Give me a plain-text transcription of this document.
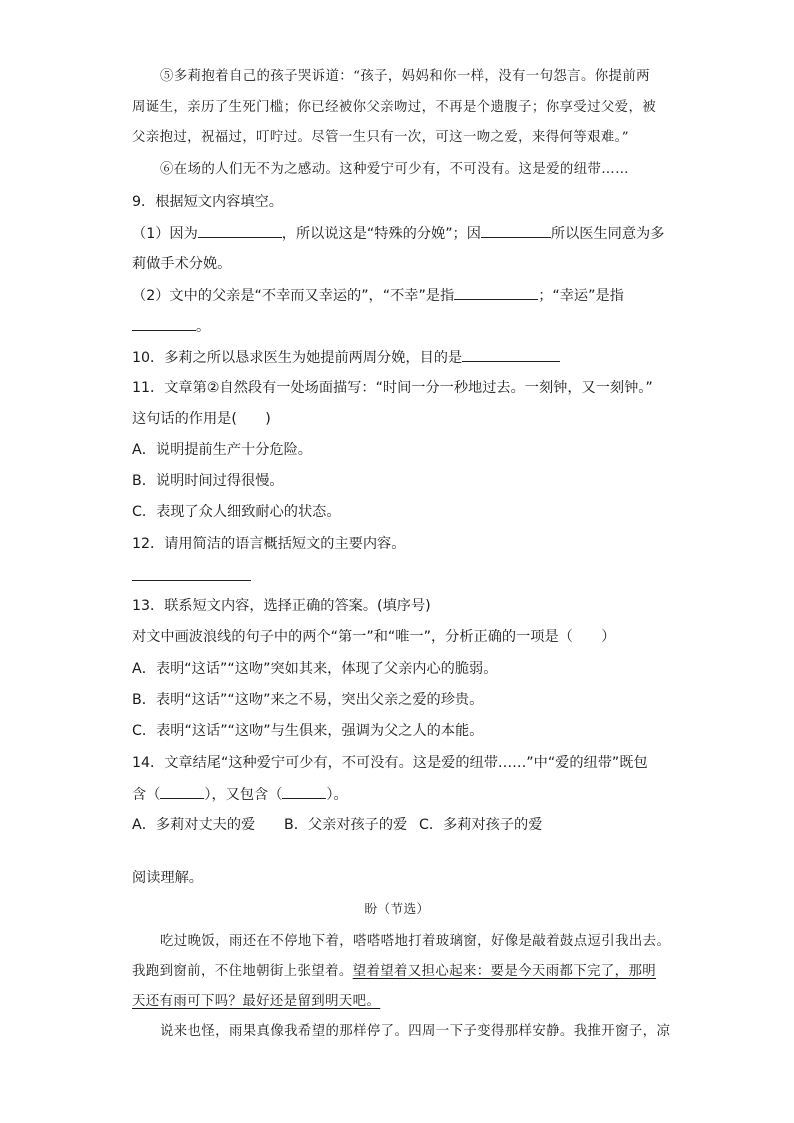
⑤多莉抱着自己的孩子哭诉道：“孩子，妈妈和你一样，没有一句怨言。你提前两
周诞生，亲历了生死门槛；你已经被你父亲吻过，不再是个遗腹子；你享受过父爱，被
父亲抱过，祝福过，叮咛过。尽管一生只有一次，可这一吻之爱，来得何等艰难。”
⑥在场的人们无不为之感动。这种爱宁可少有，不可没有。这是爱的纽带……
9．根据短文内容填空。
（1）因为	，所以说这是“特殊的分娩”；因	所以医生同意为多
莉做手术分娩。
（2）文中的父亲是“不幸而又幸运的”，“不幸”是指	；“幸运”是指
。
10．多莉之所以恳求医生为她提前两周分娩，目的是
11．文章第②自然段有一处场面描写：“时间一分一秒地过去。一刻钟，又一刻钟。”
这句话的作用是(　　)
A．说明提前生产十分危险。
B．说明时间过得很慢。
C．表现了众人细致耐心的状态。
12．请用简洁的语言概括短文的主要内容。
13．联系短文内容，选择正确的答案。(填序号)
对文中画波浪线的句子中的两个“第一”和“唯一”，分析正确的一项是（　　）
A．表明“这话”“这吻”突如其来，体现了父亲内心的脆弱。
B．表明“这话”“这吻”来之不易，突出父亲之爱的珍贵。
C．表明“这话”“这吻”与生俱来，强调为父之人的本能。
14．文章结尾“这种爱宁可少有，不可没有。这是爱的纽带……”中“爱的纽带”既包
含（	），又包含（	）。
A．多莉对丈夫的爱 B．父亲对孩子的爱 C．多莉对孩子的爱
阅读理解。
盼（节选）
吃过晚饭，雨还在不停地下着，嗒嗒嗒地打着玻璃窗，好像是敲着鼓点逗引我出去。
我跑到窗前，不住地朝街上张望着。望着望着又担心起来：要是今天雨都下完了，那明
天还有雨可下吗？最好还是留到明天吧。
说来也怪，雨果真像我希望的那样停了。四周一下子变得那样安静。我推开窗子，凉
